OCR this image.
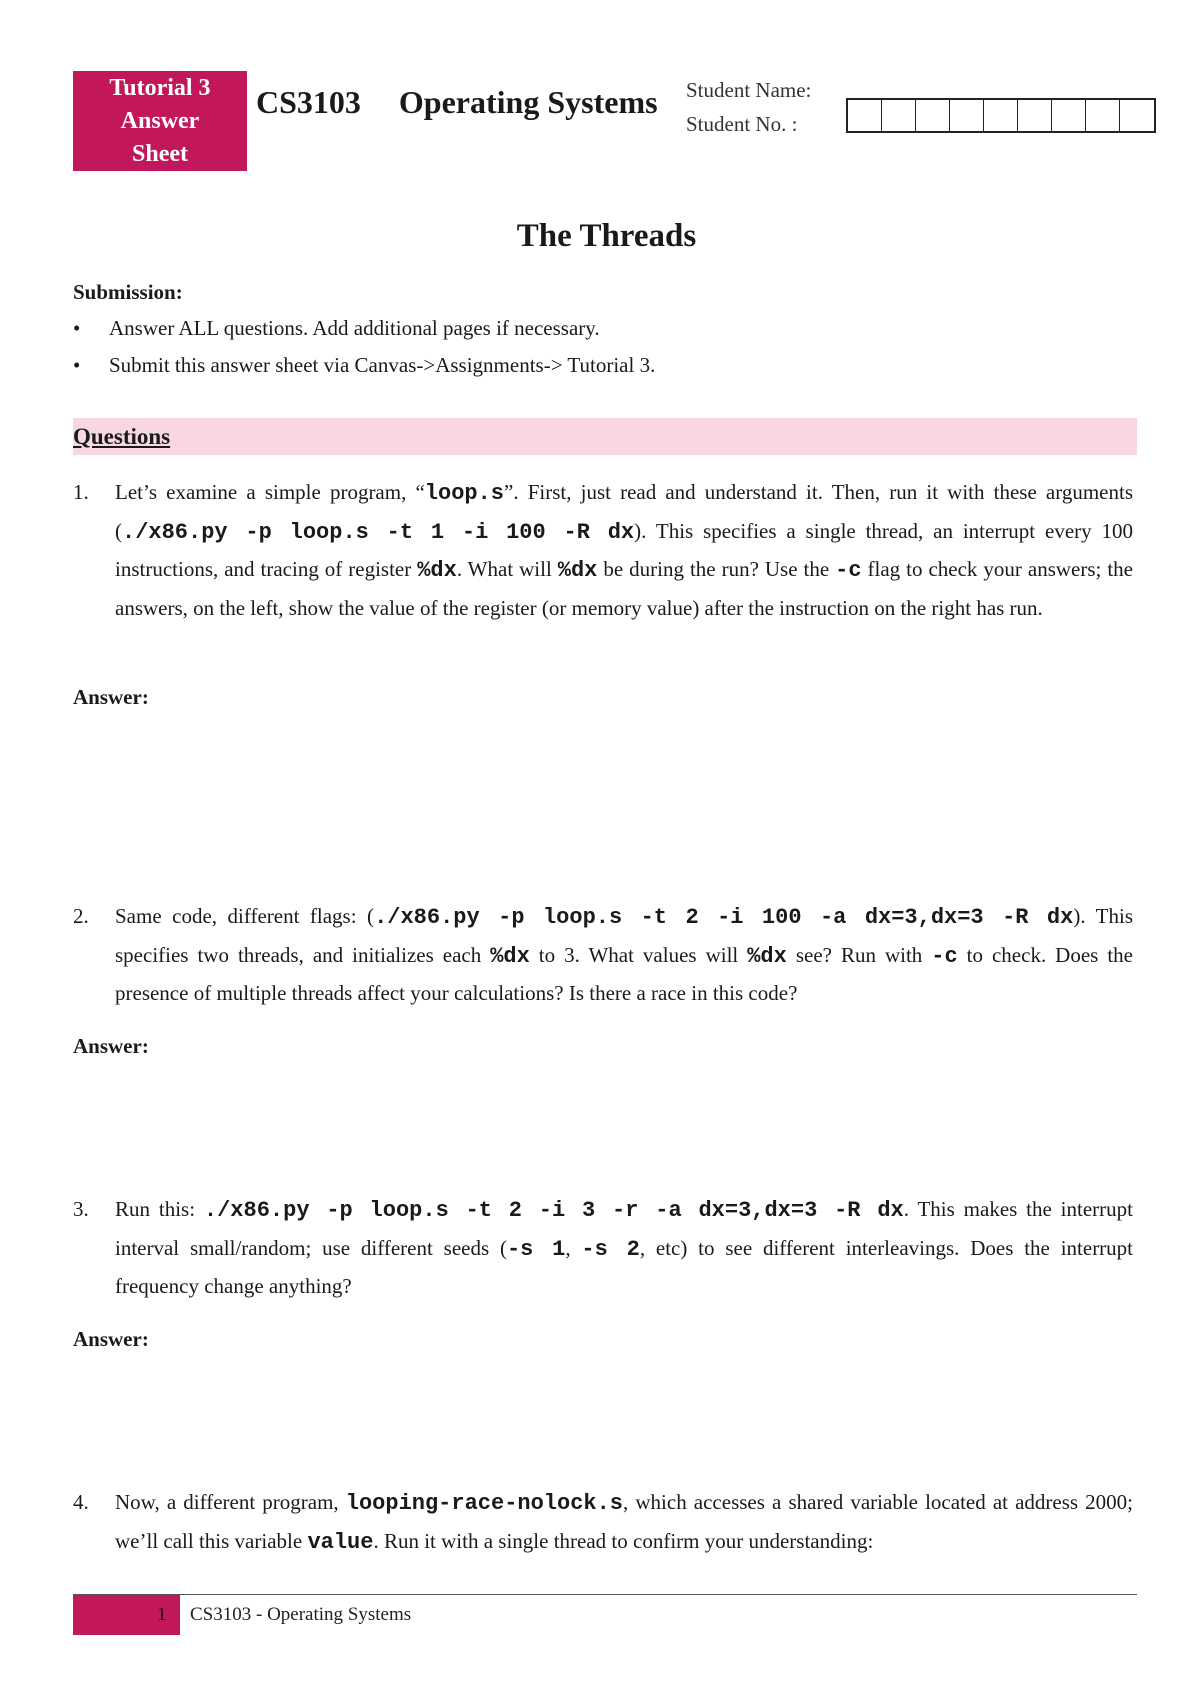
Tutorial 3
Answer
Sheet
CS3103 Operating Systems Student Name:
Student No. :
The Threads
Submission:
• Answer ALL questions. Add additional pages if necessary.
• Submit this answer sheet via Canvas->Assignments-> Tutorial 3.
Questions
1. Let’s examine a simple program, “loop.s”. First, just read and understand it. Then, run it with these arguments (./x86.py -p loop.s -t 1 -i 100 -R dx). This specifies a single thread, an interrupt every 100 instructions, and tracing of register %dx. What will %dx be during the run? Use the -c flag to check your answers; the answers, on the left, show the value of the register (or memory value) after the instruction on the right has run.
Answer:
2. Same code, different flags: (./x86.py -p loop.s -t 2 -i 100 -a dx=3,dx=3 -R dx). This specifies two threads, and initializes each %dx to 3. What values will %dx see? Run with -c to check. Does the presence of multiple threads affect your calculations? Is there a race in this code?
Answer:
3. Run this: ./x86.py -p loop.s -t 2 -i 3 -r -a dx=3,dx=3 -R dx. This makes the interrupt interval small/random; use different seeds (-s 1, -s 2, etc) to see different interleavings. Does the interrupt frequency change anything?
Answer:
4. Now, a different program, looping-race-nolock.s, which accesses a shared variable located at address 2000; we’ll call this variable value. Run it with a single thread to confirm your understanding:
1 CS3103 - Operating Systems
